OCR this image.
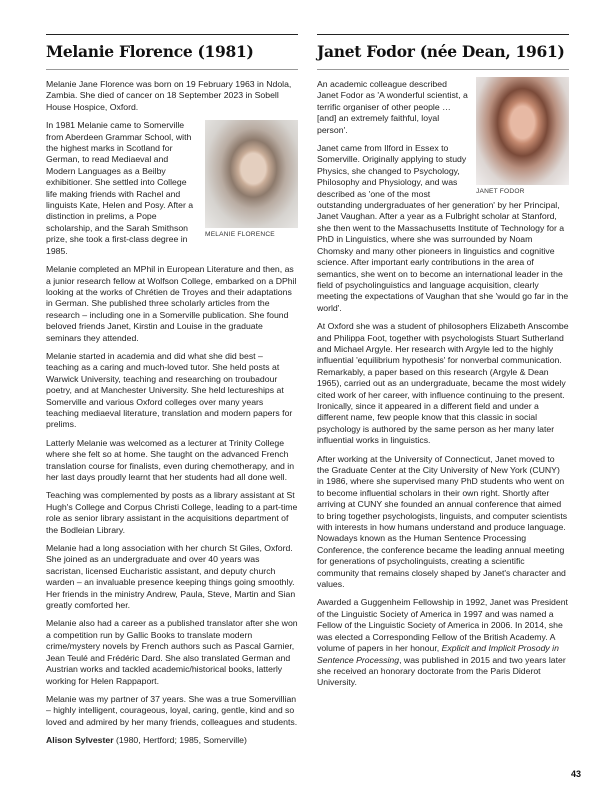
Melanie Florence (1981)

Melanie Jane Florence was born on 19 February 1963 in Ndola, Zambia. She died of cancer on 18 September 2023 in Sobell House Hospice, Oxford.

MELANIE FLORENCE

In 1981 Melanie came to Somerville from Aberdeen Grammar School, with the highest marks in Scotland for German, to read Mediaeval and Modern Languages as a Beilby exhibitioner. She settled into College life making friends with Rachel and linguists Kate, Helen and Posy. After a distinction in prelims, a Pope scholarship, and the Sarah Smithson prize, she took a first-class degree in 1985.

Melanie completed an MPhil in European Literature and then, as a junior research fellow at Wolfson College, embarked on a DPhil looking at the works of Chrétien de Troyes and their adaptations in German. She published three scholarly articles from the research – including one in a Somerville publication. She found beloved friends Janet, Kirstin and Louise in the graduate seminars they attended.

Melanie started in academia and did what she did best – teaching as a caring and much-loved tutor. She held posts at Warwick University, teaching and researching on troubadour poetry, and at Manchester University. She held lectureships at Somerville and various Oxford colleges over many years teaching mediaeval literature, translation and modern papers for prelims.

Latterly Melanie was welcomed as a lecturer at Trinity College where she felt so at home. She taught on the advanced French translation course for finalists, even during chemotherapy, and in her last days proudly learnt that her students had all done well.

Teaching was complemented by posts as a library assistant at St Hugh's College and Corpus Christi College, leading to a part-time role as senior library assistant in the acquisitions department of the Bodleian Library.

Melanie had a long association with her church St Giles, Oxford. She joined as an undergraduate and over 40 years was sacristan, licensed Eucharistic assistant, and deputy church warden – an invaluable presence keeping things going smoothly. Her friends in the ministry Andrew, Paula, Steve, Martin and Sian greatly comforted her.

Melanie also had a career as a published translator after she won a competition run by Gallic Books to translate modern crime/mystery novels by French authors such as Pascal Garnier, Jean Teulé and Frédéric Dard. She also translated German and Austrian works and tackled academic/historical books, latterly working for Helen Rappaport.

Melanie was my partner of 37 years. She was a true Somervillian – highly intelligent, courageous, loyal, caring, gentle, kind and so loved and admired by her many friends, colleagues and students.

Alison Sylvester (1980, Hertford; 1985, Somerville)

Janet Fodor (née Dean, 1961)
JANET FODOR

An academic colleague described Janet Fodor as 'A wonderful scientist, a terrific organiser of other people … [and] an extremely faithful, loyal person'.

Janet came from Ilford in Essex to Somerville. Originally applying to study Physics, she changed to Psychology, Philosophy and Physiology, and was described as 'one of the most outstanding undergraduates of her generation' by her Principal, Janet Vaughan. After a year as a Fulbright scholar at Stanford, she then went to the Massachusetts Institute of Technology for a PhD in Linguistics, where she was surrounded by Noam Chomsky and many other pioneers in linguistics and cognitive science. After important early contributions in the area of semantics, she went on to become an international leader in the field of psycholinguistics and language acquisition, clearly meeting the expectations of Vaughan that she 'would go far in the world'.

At Oxford she was a student of philosophers Elizabeth Anscombe and Philippa Foot, together with psychologists Stuart Sutherland and Michael Argyle. Her research with Argyle led to the highly influential 'equilibrium hypothesis' for nonverbal communication. Remarkably, a paper based on this research (Argyle & Dean 1965), carried out as an undergraduate, became the most widely cited work of her career, with influence continuing to the present. Ironically, since it appeared in a different field and under a different name, few people know that this classic in social psychology is authored by the same person as her many later influential works in linguistics.

After working at the University of Connecticut, Janet moved to the Graduate Center at the City University of New York (CUNY) in 1986, where she supervised many PhD students who went on to become influential scholars in their own right. Shortly after arriving at CUNY she founded an annual conference that aimed to bring together psychologists, linguists, and computer scientists with interests in how humans understand and produce language. Nowadays known as the Human Sentence Processing Conference, the conference became the leading annual meeting for generations of psycholinguists, creating a scientific community that remains closely shaped by Janet's character and values.

Awarded a Guggenheim Fellowship in 1992, Janet was President of the Linguistic Society of America in 1997 and was named a Fellow of the Linguistic Society of America in 2006. In 2014, she was elected a Corresponding Fellow of the British Academy. A volume of papers in her honour, Explicit and Implicit Prosody in Sentence Processing, was published in 2015 and two years later she received an honorary doctorate from the Paris Diderot University.

43
